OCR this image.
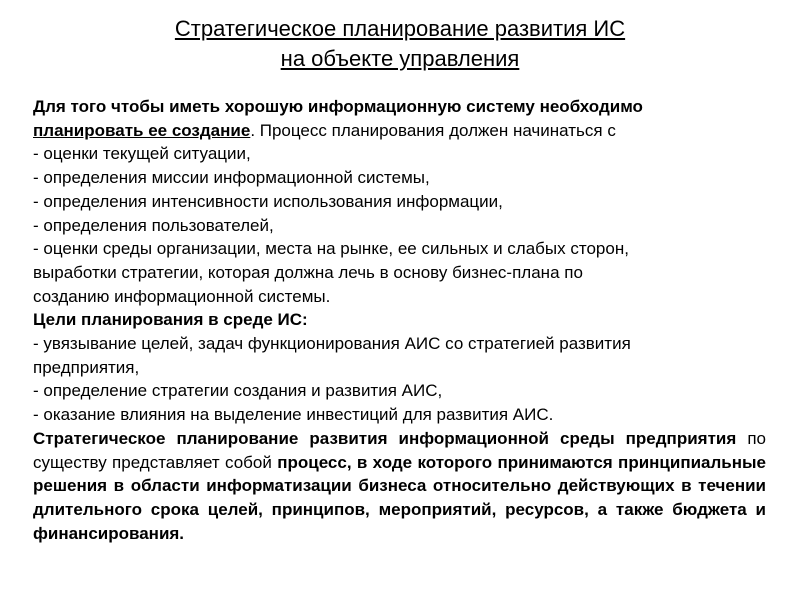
Стратегическое планирование развития ИС
на объекте управления
Для того чтобы иметь хорошую информационную систему необходимо
планировать ее создание. Процесс планирования должен начинаться с
- оценки текущей ситуации,
- определения миссии информационной системы,
- определения интенсивности использования информации,
- определения пользователей,
- оценки среды организации, места на рынке, ее сильных и слабых сторон,
выработки стратегии, которая должна лечь в основу бизнес-плана по
созданию информационной системы.
Цели планирования в среде ИС:
- увязывание целей, задач функционирования АИС со стратегией развития
предприятия,
- определение стратегии создания и развития АИС,
- оказание влияния на выделение инвестиций для развития АИС.
Стратегическое планирование развития информационной среды предприятия по существу представляет собой процесс, в ходе которого принимаются принципиальные решения в области информатизации бизнеса относительно действующих в течении длительного срока целей, принципов, мероприятий, ресурсов, а также бюджета и финансирования.
